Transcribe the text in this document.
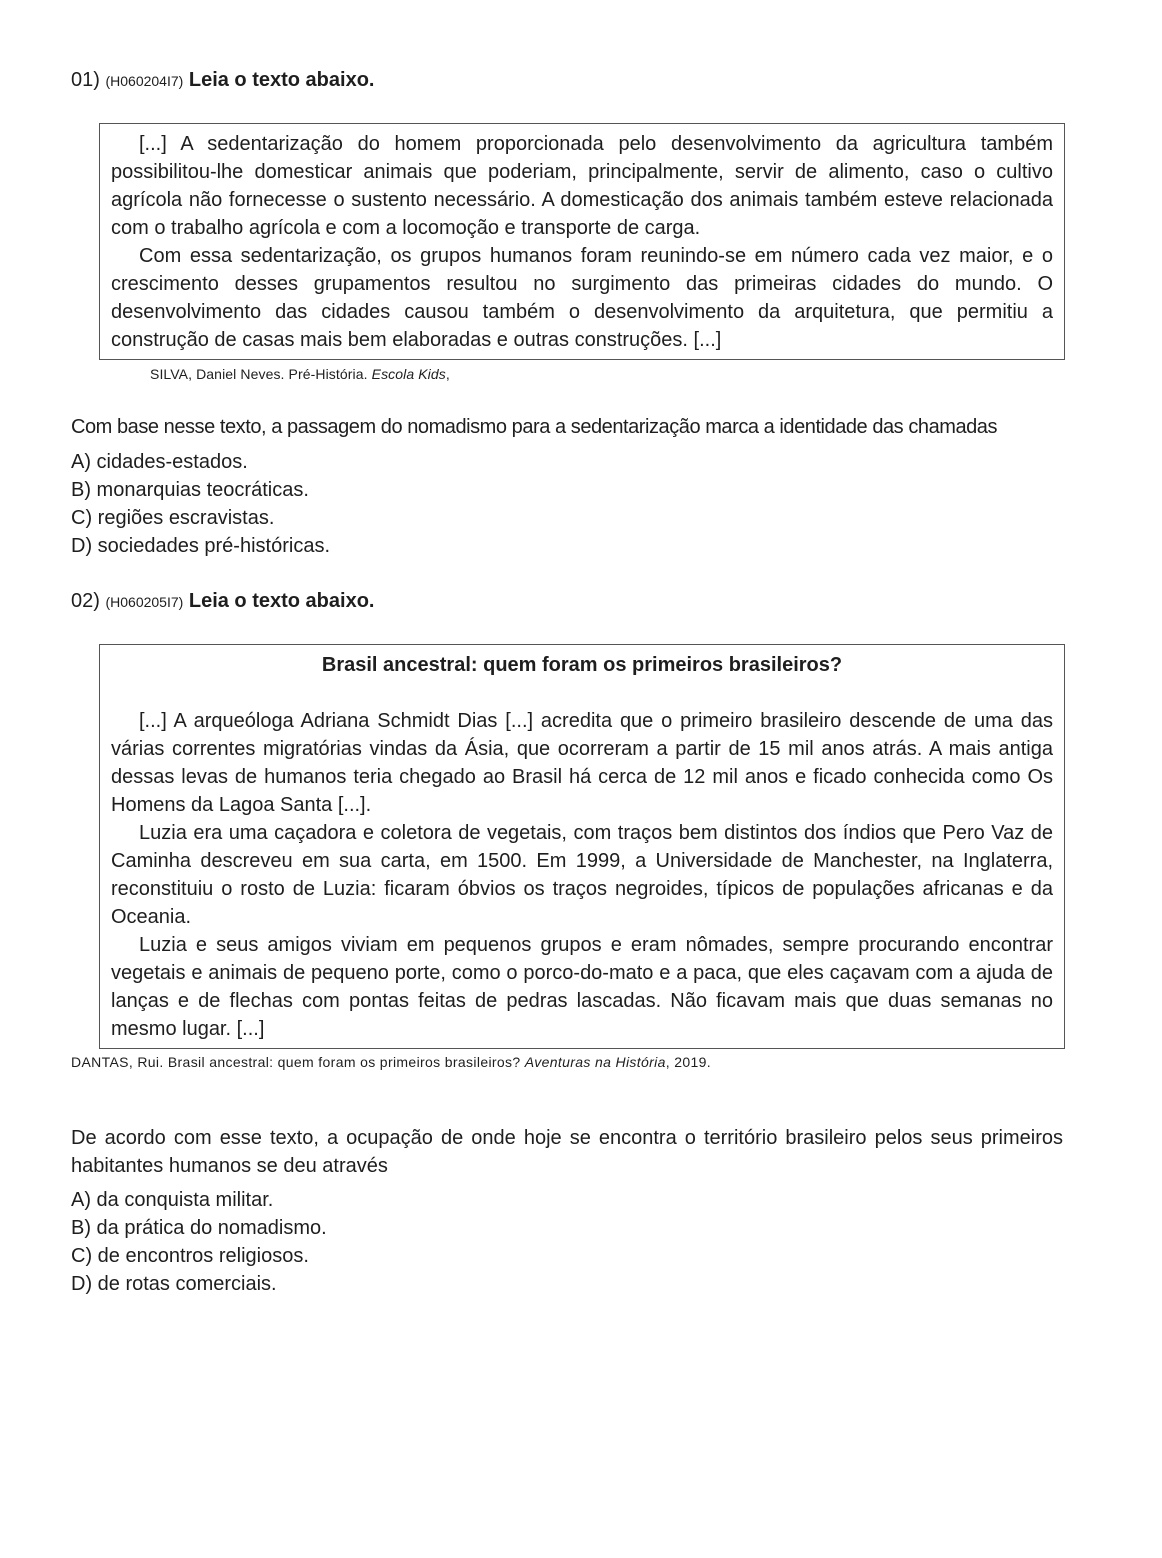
01) (H060204I7) Leia o texto abaixo.

[...] A sedentarização do homem proporcionada pelo desenvolvimento da agricultura também possibilitou-lhe domesticar animais que poderiam, principalmente, servir de alimento, caso o cultivo agrícola não fornecesse o sustento necessário. A domesticação dos animais também esteve relacionada com o trabalho agrícola e com a locomoção e transporte de carga.

Com essa sedentarização, os grupos humanos foram reunindo-se em número cada vez maior, e o crescimento desses grupamentos resultou no surgimento das primeiras cidades do mundo. O desenvolvimento das cidades causou também o desenvolvimento da arquitetura, que permitiu a construção de casas mais bem elaboradas e outras construções. [...]

SILVA, Daniel Neves. Pré-História. Escola Kids,
Com base nesse texto, a passagem do nomadismo para a sedentarização marca a identidade das chamadas
A) cidades-estados.
B) monarquias teocráticas.
C) regiões escravistas.
D) sociedades pré-históricas.
02) (H060205I7) Leia o texto abaixo.

Brasil ancestral: quem foram os primeiros brasileiros?

[...] A arqueóloga Adriana Schmidt Dias [...] acredita que o primeiro brasileiro descende de uma das várias correntes migratórias vindas da Ásia, que ocorreram a partir de 15 mil anos atrás. A mais antiga dessas levas de humanos teria chegado ao Brasil há cerca de 12 mil anos e ficado conhecida como Os Homens da Lagoa Santa [...].

Luzia era uma caçadora e coletora de vegetais, com traços bem distintos dos índios que Pero Vaz de Caminha descreveu em sua carta, em 1500. Em 1999, a Universidade de Manchester, na Inglaterra, reconstituiu o rosto de Luzia: ficaram óbvios os traços negroides, típicos de populações africanas e da Oceania.

Luzia e seus amigos viviam em pequenos grupos e eram nômades, sempre procurando encontrar vegetais e animais de pequeno porte, como o porco-do-mato e a paca, que eles caçavam com a ajuda de lanças e de flechas com pontas feitas de pedras lascadas. Não ficavam mais que duas semanas no mesmo lugar. [...]

DANTAS, Rui. Brasil ancestral: quem foram os primeiros brasileiros? Aventuras na História, 2019.
De acordo com esse texto, a ocupação de onde hoje se encontra o território brasileiro pelos seus primeiros habitantes humanos se deu através
A) da conquista militar.
B) da prática do nomadismo.
C) de encontros religiosos.
D) de rotas comerciais.
